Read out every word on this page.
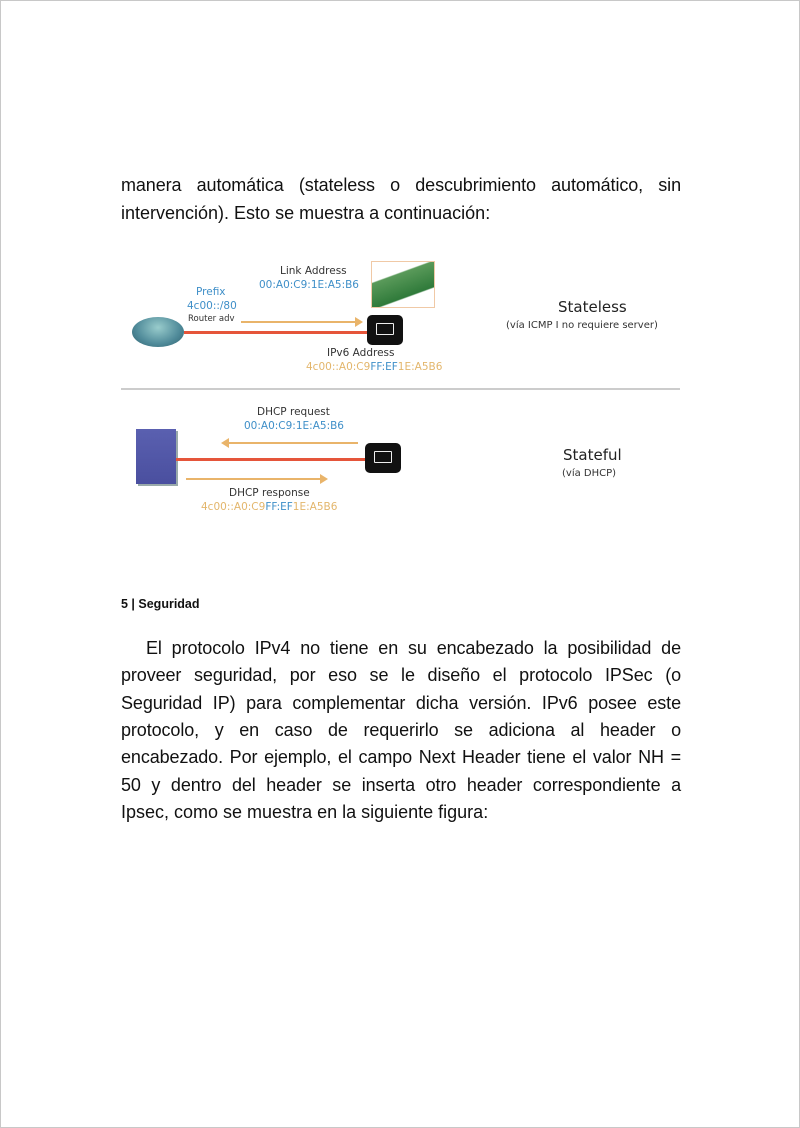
manera automática (stateless o descubrimiento automático, sin
intervención). Esto se muestra a continuación:
Prefix
4c00::/80
Router adv
Link Address
00:A0:C9:1E:A5:B6
IPv6 Address
4c00::A0:C9FF:EF1E:A5B6
Stateless
(vía ICMP I no requiere server)
DHCP request
00:A0:C9:1E:A5:B6
DHCP response
4c00::A0:C9FF:EF1E:A5B6
Stateful
(vía DHCP)
5 | Seguridad
El protocolo IPv4 no tiene en su encabezado la posibilidad de
proveer seguridad, por eso se le diseño el protocolo IPSec (o
Seguridad IP) para complementar dicha versión. IPv6 posee este
protocolo, y en caso de requerirlo se adiciona al header o
encabezado. Por ejemplo, el campo Next Header tiene el valor NH =
50 y dentro del header se inserta otro header correspondiente a
Ipsec, como se muestra en la siguiente figura:
